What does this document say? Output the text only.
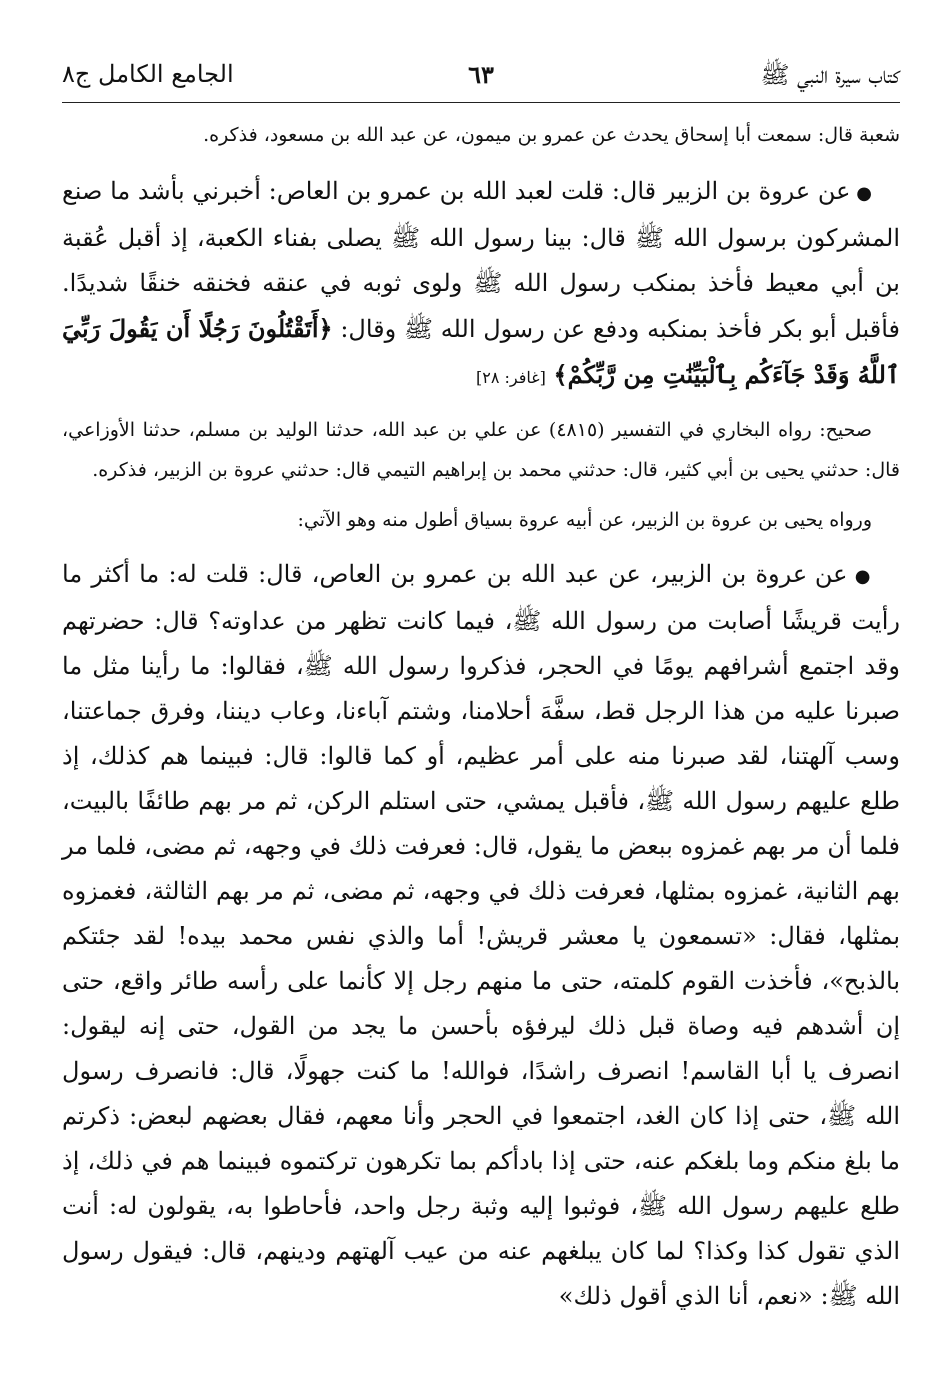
كتاب سيرة النبي ﷺ
٦٣
الجامع الكامل ج٨

شعبة قال: سمعت أبا إسحاق يحدث عن عمرو بن ميمون، عن عبد الله بن مسعود، فذكره.

● عن عروة بن الزبير قال: قلت لعبد الله بن عمرو بن العاص: أخبرني بأشد ما صنع المشركون برسول الله ﷺ قال: بينا رسول الله ﷺ يصلى بفناء الكعبة، إذ أقبل عُقبة بن أبي معيط فأخذ بمنكب رسول الله ﷺ ولوى ثوبه في عنقه فخنقه خنقًا شديدًا. فأقبل أبو بكر فأخذ بمنكبه ودفع عن رسول الله ﷺ وقال: ﴿أَتَقْتُلُونَ رَجُلًا أَن يَقُولَ رَبِّيَ ٱللَّهُ وَقَدْ جَآءَكُم بِٱلْبَيِّنَٰتِ مِن رَّبِّكُمْ﴾ [غافر: ٢٨]

صحيح: رواه البخاري في التفسير (٤٨١٥) عن علي بن عبد الله، حدثنا الوليد بن مسلم، حدثنا الأوزاعي، قال: حدثني يحيى بن أبي كثير، قال: حدثني محمد بن إبراهيم التيمي قال: حدثني عروة بن الزبير، فذكره.

ورواه يحيى بن عروة بن الزبير، عن أبيه عروة بسياق أطول منه وهو الآتي:

● عن عروة بن الزبير، عن عبد الله بن عمرو بن العاص، قال: قلت له: ما أكثر ما رأيت قريشًا أصابت من رسول الله ﷺ، فيما كانت تظهر من عداوته؟ قال: حضرتهم وقد اجتمع أشرافهم يومًا في الحجر، فذكروا رسول الله ﷺ، فقالوا: ما رأينا مثل ما صبرنا عليه من هذا الرجل قط، سفَّهَ أحلامنا، وشتم آباءنا، وعاب ديننا، وفرق جماعتنا، وسب آلهتنا، لقد صبرنا منه على أمر عظيم، أو كما قالوا: قال: فبينما هم كذلك، إذ طلع عليهم رسول الله ﷺ، فأقبل يمشي، حتى استلم الركن، ثم مر بهم طائفًا بالبيت، فلما أن مر بهم غمزوه ببعض ما يقول، قال: فعرفت ذلك في وجهه، ثم مضى، فلما مر بهم الثانية، غمزوه بمثلها، فعرفت ذلك في وجهه، ثم مضى، ثم مر بهم الثالثة، فغمزوه بمثلها، فقال: «تسمعون يا معشر قريش! أما والذي نفس محمد بيده! لقد جئتكم بالذبح»، فأخذت القوم كلمته، حتى ما منهم رجل إلا كأنما على رأسه طائر واقع، حتى إن أشدهم فيه وصاة قبل ذلك ليرفؤه بأحسن ما يجد من القول، حتى إنه ليقول: انصرف يا أبا القاسم! انصرف راشدًا، فوالله! ما كنت جهولًا، قال: فانصرف رسول الله ﷺ، حتى إذا كان الغد، اجتمعوا في الحجر وأنا معهم، فقال بعضهم لبعض: ذكرتم ما بلغ منكم وما بلغكم عنه، حتى إذا بادأكم بما تكرهون تركتموه فبينما هم في ذلك، إذ طلع عليهم رسول الله ﷺ، فوثبوا إليه وثبة رجل واحد، فأحاطوا به، يقولون له: أنت الذي تقول كذا وكذا؟ لما كان يبلغهم عنه من عيب آلهتهم ودينهم، قال: فيقول رسول الله ﷺ: «نعم، أنا الذي أقول ذلك»
